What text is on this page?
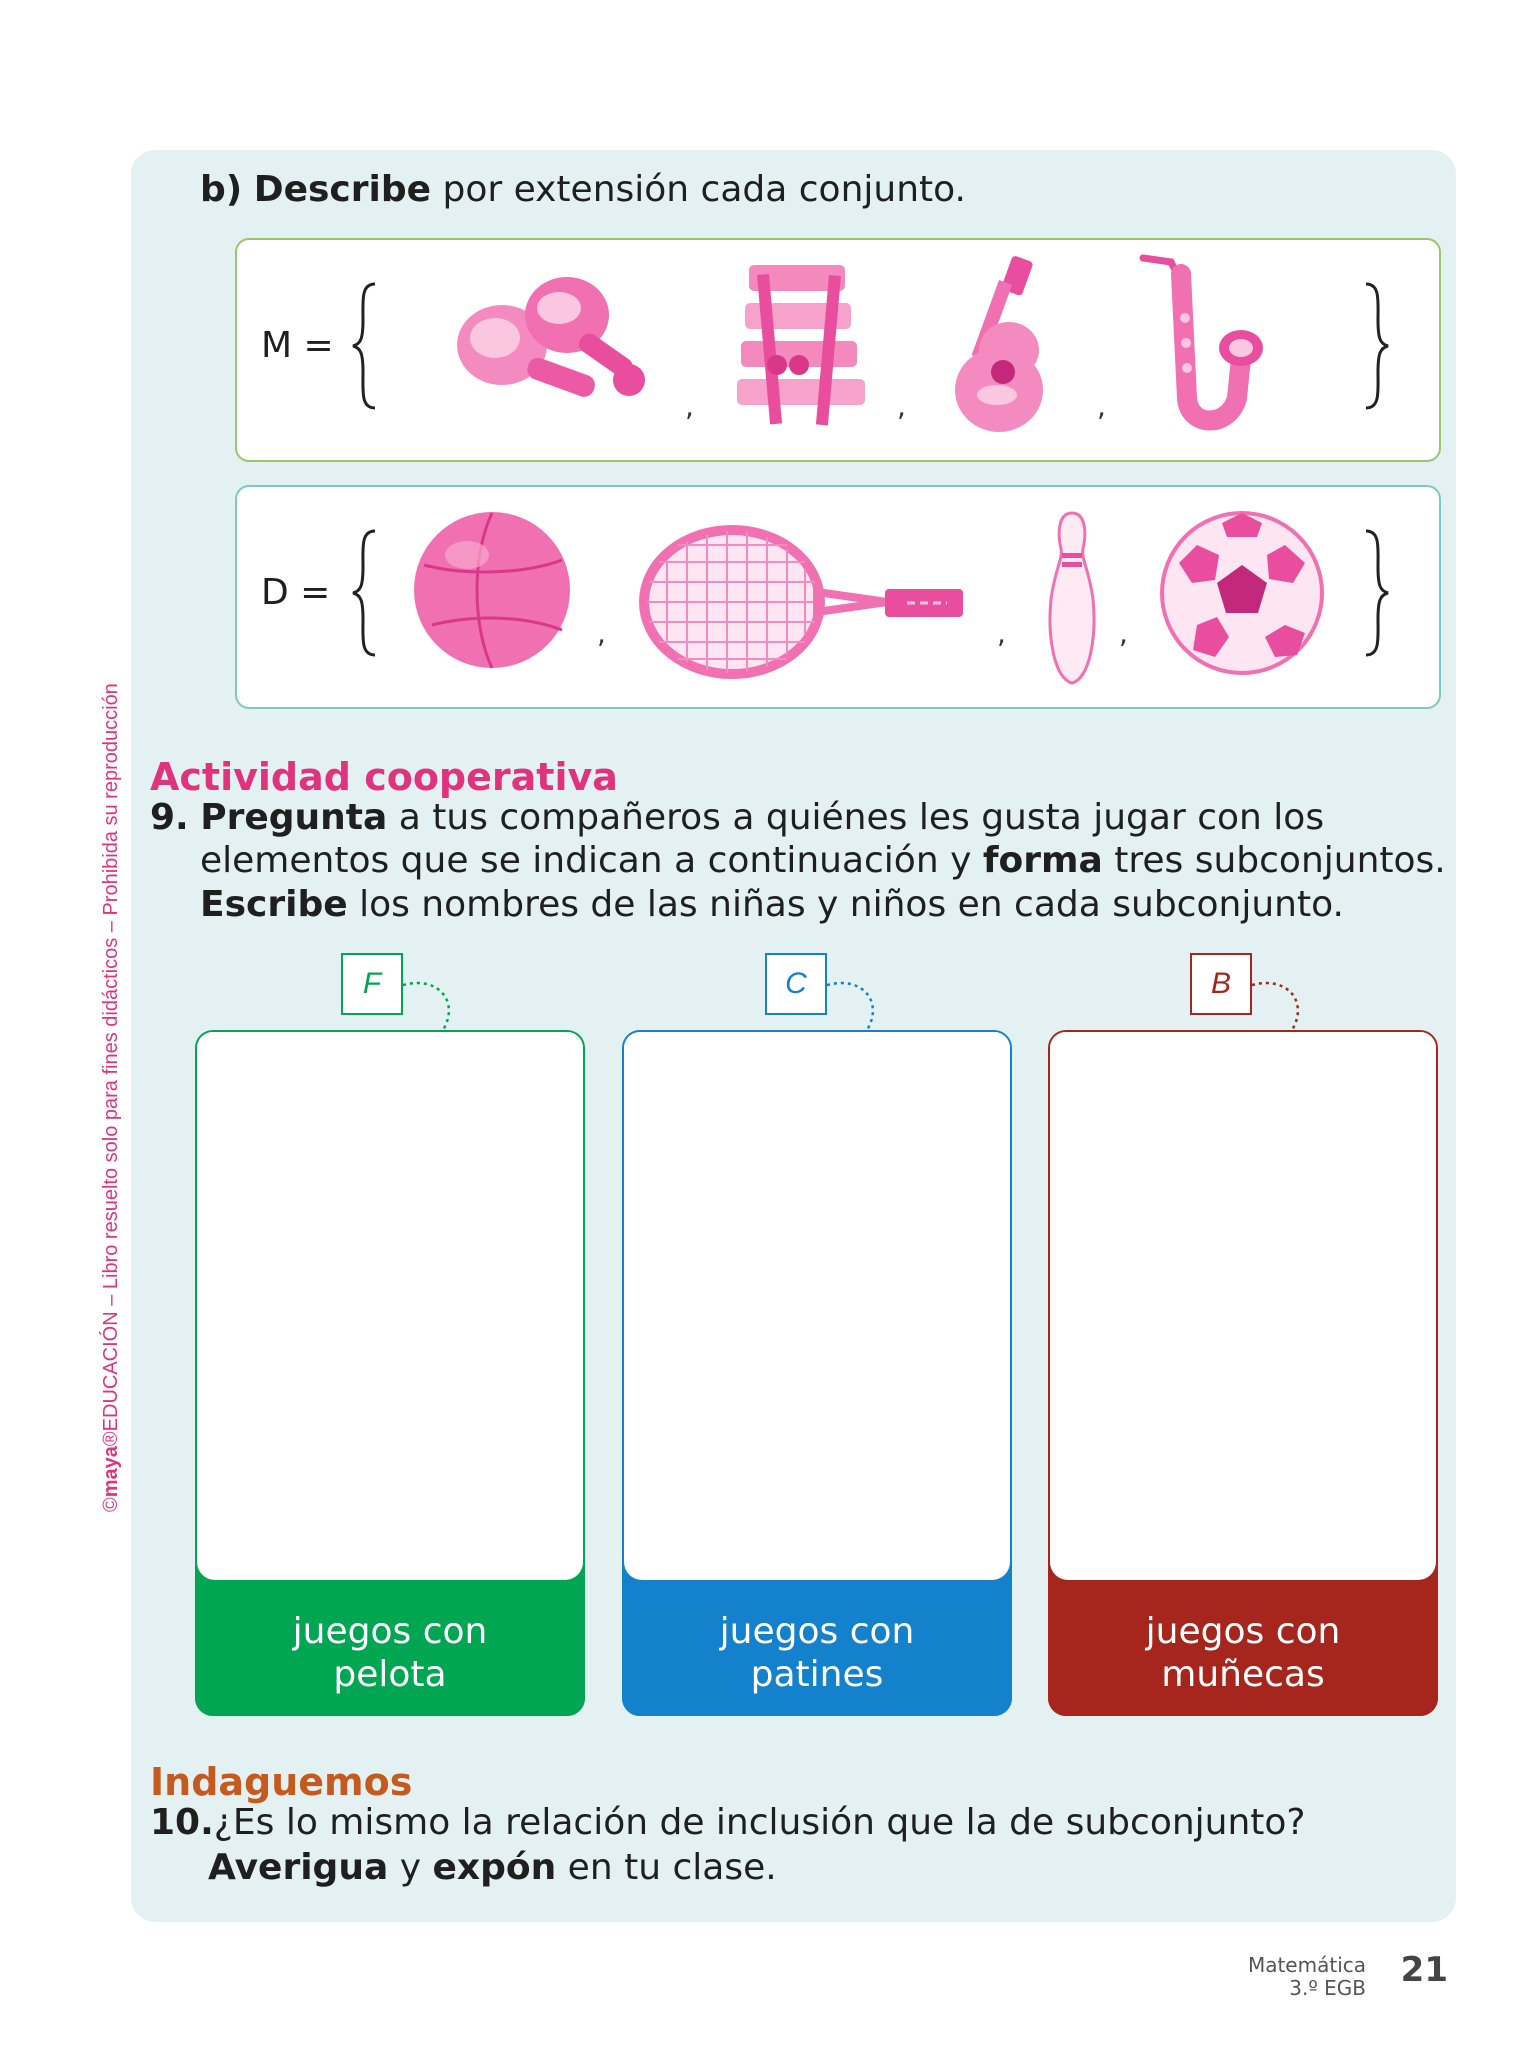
©maya®EDUCACIÓN – Libro resuelto solo para fines didácticos – Prohibida su reproducción
b) Describe por extensión cada conjunto.
M =
,	,	,
D =
,	,	,
Actividad cooperativa
9. Pregunta a tus compañeros a quiénes les gusta jugar con los
elementos que se indican a continuación y forma tres subconjuntos.
Escribe los nombres de las niñas y niños en cada subconjunto.
F
juegos con
pelota
C
juegos con
patines
B
juegos con
muñecas
Indaguemos
10.¿Es lo mismo la relación de inclusión que la de subconjunto?
Averigua y expón en tu clase.
Matemática
3.º EGB 21
